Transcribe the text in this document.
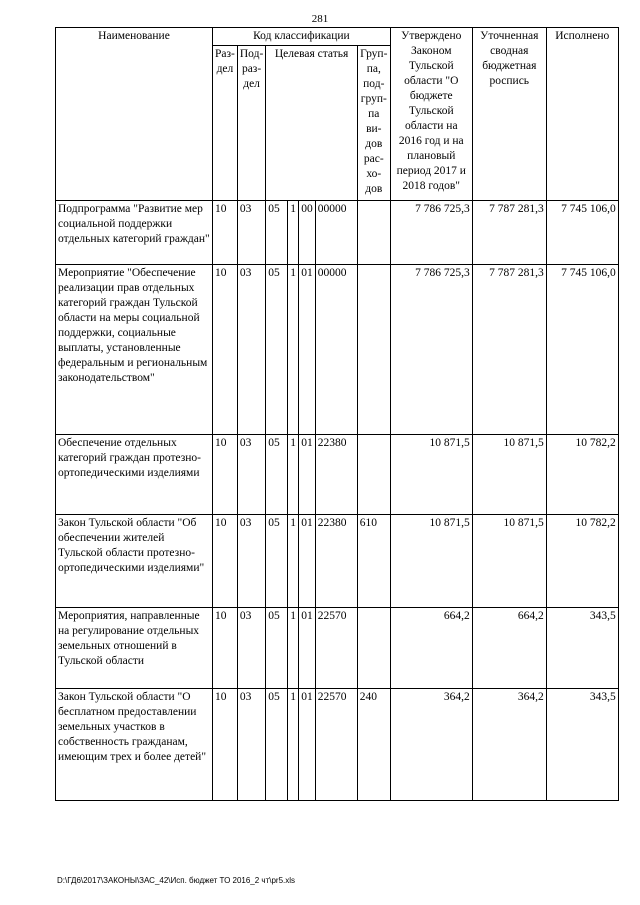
281
Наименование	Код классификации							Утверждено Законом Тульской области "О бюджете Тульской области на 2016 год и на плановый период 2017 и 2018 годов"	Уточненная сводная бюджетная роспись	Исполнено
	Раз-дел	Под-раз-дел	Целевая статья				Груп-па, под-груп-па ви-дов рас-хо-дов			
Подпрограмма "Развитие мер социальной поддержки отдельных категорий граждан"	10	03	05	1	00	00000		7 786 725,3	7 787 281,3	7 745 106,0
Мероприятие "Обеспечение реализации прав отдельных категорий граждан Тульской области на меры социальной поддержки, социальные выплаты, установленные федеральным и региональным законодательством"	10	03	05	1	01	00000		7 786 725,3	7 787 281,3	7 745 106,0
Обеспечение отдельных категорий граждан протезно-ортопедическими изделиями	10	03	05	1	01	22380		10 871,5	10 871,5	10 782,2
Закон Тульской области "Об обеспечении жителей Тульской области протезно-ортопедическими изделиями"	10	03	05	1	01	22380	610	10 871,5	10 871,5	10 782,2
Мероприятия, направленные на регулирование отдельных земельных отношений в Тульской области	10	03	05	1	01	22570		664,2	664,2	343,5
Закон Тульской области "О бесплатном предоставлении земельных участков в собственность гражданам, имеющим трех и более детей"	10	03	05	1	01	22570	240	364,2	364,2	343,5
D:\ГД6\2017\ЗАКОНЫ\ЗАС_42\Исп. бюджет ТО 2016_2 чт\pr5.xls
